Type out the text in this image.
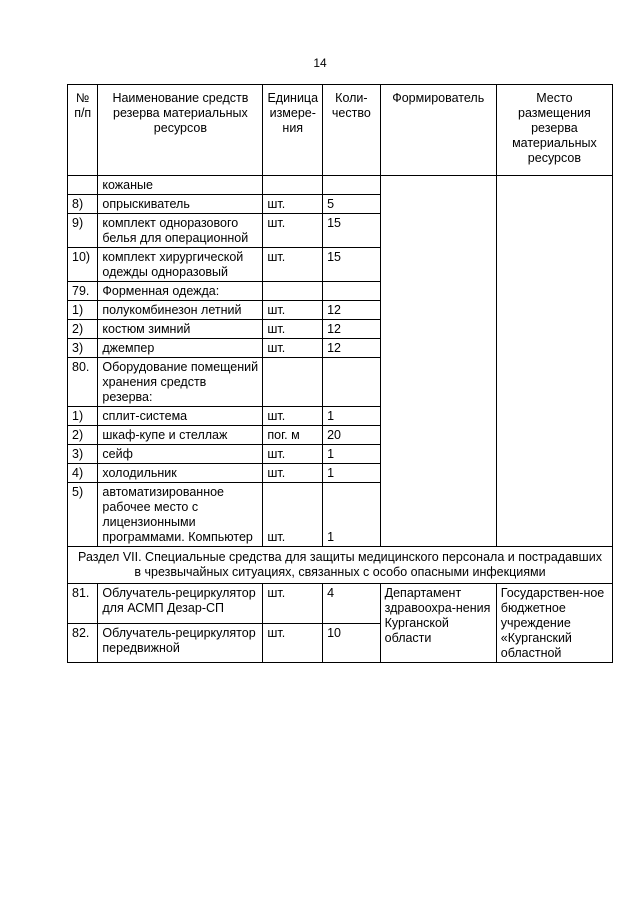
14
№ п/п	Наименование средств резерва материальных ресурсов	Единица измере-ния	Коли-чество	Формирователь	Место размещения резерва материальных ресурсов
	кожаные				
8)	опрыскиватель	шт.	5		
9)	комплект одноразового белья для операционной	шт.	15		
10)	комплект хирургической одежды одноразовый	шт.	15		
79.	Форменная одежда:				
1)	полукомбинезон летний	шт.	12		
2)	костюм зимний	шт.	12		
3)	джемпер	шт.	12		
80.	Оборудование помещений хранения средств резерва:				
1)	сплит-система	шт.	1		
2)	шкаф-купе и стеллаж	пог. м	20		
3)	сейф	шт.	1		
4)	холодильник	шт.	1		
5)	автоматизированное рабочее место с лицензионными программами. Компьютер	шт.	1		
Раздел VII. Специальные средства для защиты медицинского персонала и пострадавших в чрезвычайных ситуациях, связанных с особо опасными инфекциями					
81.	Облучатель-рециркулятор для АСМП Дезар-СП	шт.	4	Департамент здравоохра-нения Курганской области	Государствен-ное бюджетное учреждение «Курганский областной
82.	Облучатель-рециркулятор передвижной	шт.	10		
